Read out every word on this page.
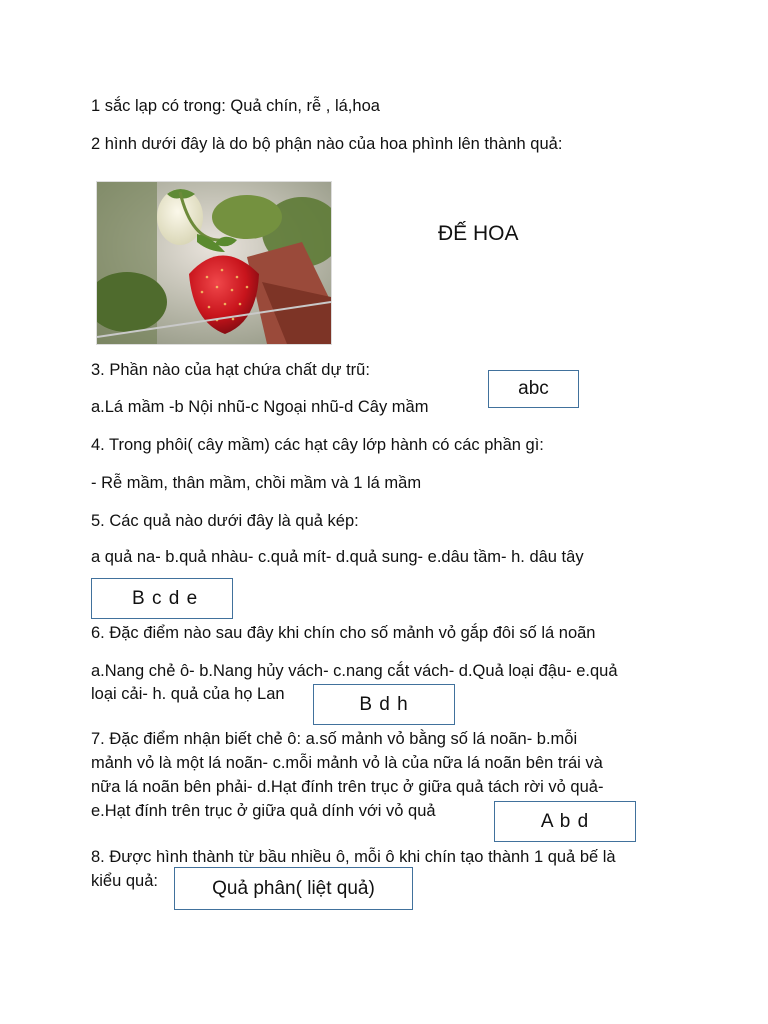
1 sắc lạp có trong: Quả chín, rễ , lá,hoa
2 hình dưới đây là do bộ phận nào của hoa phình lên thành quả:
ĐẾ HOA
3. Phần nào của hạt chứa chất dự trũ:
a.Lá mầm -b Nội nhũ-c Ngoại nhũ-d Cây mầm
abc
4. Trong phôi( cây mầm) các hạt cây lớp hành có các phần gì:
- Rễ mầm, thân mầm, chồi mầm và 1 lá mầm
5. Các quả nào dưới đây là quả kép:
a quả na- b.quả nhàu- c.quả mít- d.quả sung- e.dâu tầm- h. dâu tây
B c d e
6. Đặc điểm nào sau đây khi chín cho số mảnh vỏ gắp đôi số lá noãn
a.Nang chẻ ô- b.Nang hủy vách- c.nang cắt vách- d.Quả loại đậu- e.quả
loại cải- h. quả của họ Lan	B d h
7. Đặc điểm nhận biết chẻ ô: a.số mảnh vỏ bằng số lá noãn- b.mỗi
mảnh vỏ là một lá noãn- c.mỗi mảnh vỏ là của nữa lá noãn bên trái và
nữa lá noãn bên phải- d.Hạt đính trên trục ở giữa quả tách rời vỏ quả-
e.Hạt đính trên trục ở giữa quả dính với vỏ quả	A b d
8. Được hình thành từ bầu nhiều ô, mỗi ô khi chín tạo thành 1 quả bế là
kiểu quả:	Quả phân( liệt quả)
